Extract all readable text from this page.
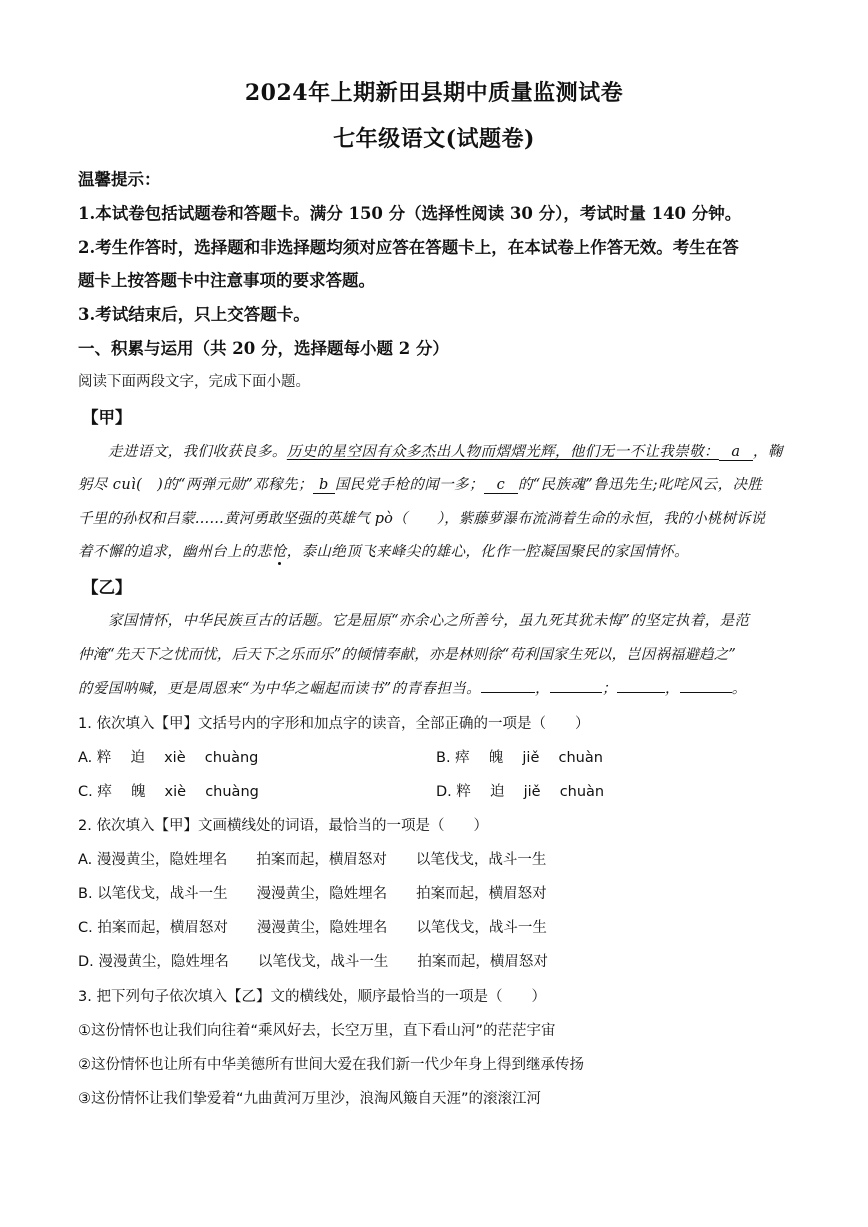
2024年上期新田县期中质量监测试卷
七年级语文(试题卷)
温馨提示：
1.本试卷包括试题卷和答题卡。满分 150 分（选择性阅读 30 分），考试时量 140 分钟。
2.考生作答时，选择题和非选择题均须对应答在答题卡上，在本试卷上作答无效。考生在答
题卡上按答题卡中注意事项的要求答题。
3.考试结束后，只上交答题卡。
一、积累与运用（共 20 分，选择题每小题 2 分）
阅读下面两段文字，完成下面小题。
【甲】
走进语文，我们收获良多。历史的星空因有众多杰出人物而熠熠光辉，他们无一不让我崇敬： a ，鞠
躬尽 cuì(　)的“两弹元勋”邓稼先； b 国民党手枪的闻一多； c 的“民族魂”鲁迅先生;叱咤风云，决胜
千里的孙权和吕蒙……黄河勇敢坚强的英雄气 pò（　　），紫藤萝瀑布流淌着生命的永恒，我的小桃树诉说
着不懈的追求，幽州台上的悲怆，泰山绝顶飞来峰尖的雄心，化作一腔凝国聚民的家国情怀。
【乙】
家国情怀，中华民族亘古的话题。它是屈原“亦余心之所善兮，虽九死其犹未悔”的坚定执着，是范
仲淹“先天下之忧而忧，后天下之乐而乐”的倾情奉献，亦是林则徐“苟利国家生死以，岂因祸福避趋之”
的爱国呐喊，更是周恩来“为中华之崛起而读书”的青春担当。	，	；	，	。
1. 依次填入【甲】文括号内的字形和加点字的读音，全部正确的一项是（　　）
A. 粹　 迫　 xiè　 chuàng	B. 瘁　 魄　 jiě　 chuàn
C. 瘁　 魄　 xiè　 chuàng	D. 粹　 迫　 jiě　 chuàn
2. 依次填入【甲】文画横线处的词语，最恰当的一项是（　　）
A. 漫漫黄尘，隐姓埋名　　拍案而起，横眉怒对　　以笔伐戈，战斗一生
B. 以笔伐戈，战斗一生　　漫漫黄尘，隐姓埋名　　拍案而起，横眉怒对
C. 拍案而起，横眉怒对　　漫漫黄尘，隐姓埋名　　以笔伐戈，战斗一生
D. 漫漫黄尘，隐姓埋名　　以笔伐戈，战斗一生　　拍案而起，横眉怒对
3. 把下列句子依次填入【乙】文的横线处，顺序最恰当的一项是（　　）
①这份情怀也让我们向往着“乘风好去，长空万里，直下看山河”的茫茫宇宙
②这份情怀也让所有中华美德所有世间大爱在我们新一代少年身上得到继承传扬
③这份情怀让我们挚爱着“九曲黄河万里沙，浪淘风簸自天涯”的滚滚江河
